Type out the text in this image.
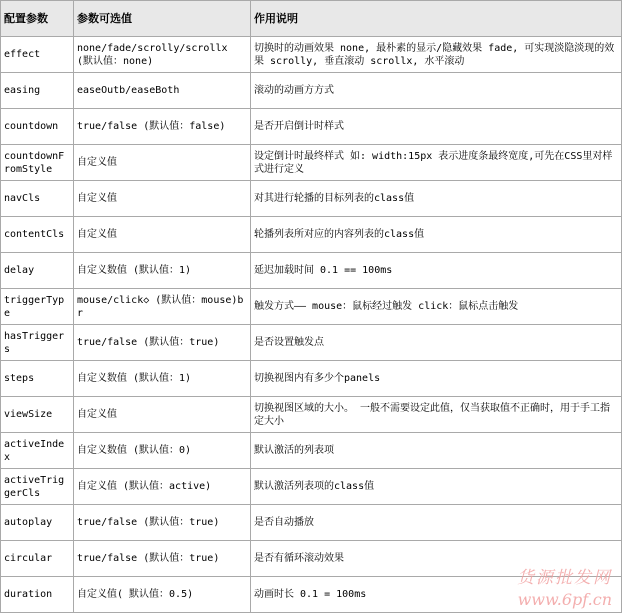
配置参数	参数可选值	作用说明
effect	none/fade/scrolly/scrollx (默认值：none)	切换时的动画效果 none, 最朴素的显示/隐藏效果 fade, 可实现淡隐淡现的效果 scrolly, 垂直滚动 scrollx, 水平滚动
easing	easeOutb/easeBoth	滚动的动画方方式
countdown	true/false (默认值：false)	是否开启倒计时样式
countdownFromStyle	自定义值	设定倒计时最终样式 如: width:15px 表示进度条最终宽度,可先在CSS里对样式进行定义
navCls	自定义值	对其进行轮播的目标列表的class值
contentCls	自定义值	轮播列表所对应的内容列表的class值
delay	自定义数值 (默认值：1)	延迟加载时间 0.1 == 100ms
triggerType	mouse/click◇ (默认值：mouse)br	触发方式—— mouse：鼠标经过触发 click：鼠标点击触发
hasTriggers	true/false (默认值：true)	是否设置触发点
steps	自定义数值 (默认值：1)	切换视图内有多少个panels
viewSize	自定义值	切换视图区域的大小。 一般不需要设定此值，仅当获取值不正确时，用于手工指定大小
activeIndex	自定义数值 (默认值：0)	默认激活的列表项
activeTriggerCls	自定义值 (默认值：active)	默认激活列表项的class值
autoplay	true/false (默认值：true)	是否自动播放
circular	true/false (默认值：true)	是否有循环滚动效果
duration	自定义值( 默认值：0.5)	动画时长 0.1 = 100ms
货源批发网
www.6pf.cn
